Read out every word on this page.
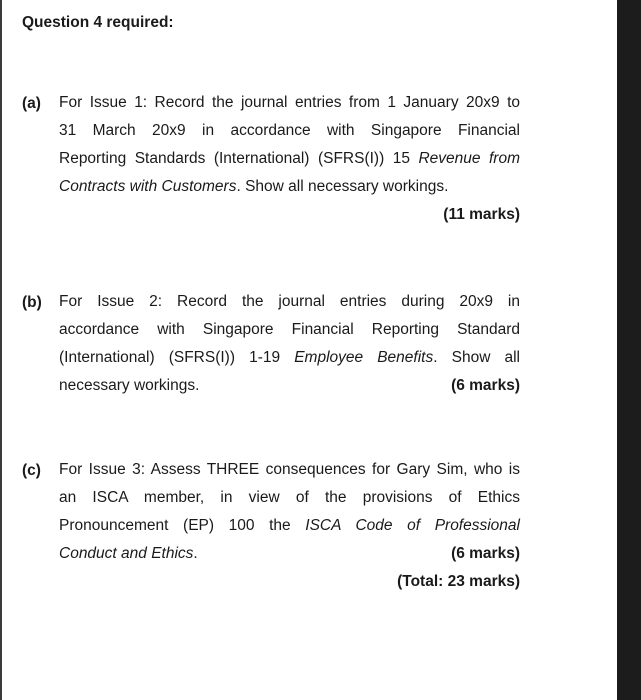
Question 4 required:
(a) For Issue 1: Record the journal entries from 1 January 20x9 to
31 March 20x9 in accordance with Singapore Financial
Reporting Standards (International) (SFRS(I)) 15 Revenue from
Contracts with Customers. Show all necessary workings.
(11 marks)
(b) For Issue 2: Record the journal entries during 20x9 in
accordance with Singapore Financial Reporting Standard
(International) (SFRS(I)) 1-19 Employee Benefits. Show all
necessary workings.	(6 marks)
(c) For Issue 3: Assess THREE consequences for Gary Sim, who is
an ISCA member, in view of the provisions of Ethics
Pronouncement (EP) 100 the ISCA Code of Professional
Conduct and Ethics.	(6 marks)
(Total: 23 marks)
